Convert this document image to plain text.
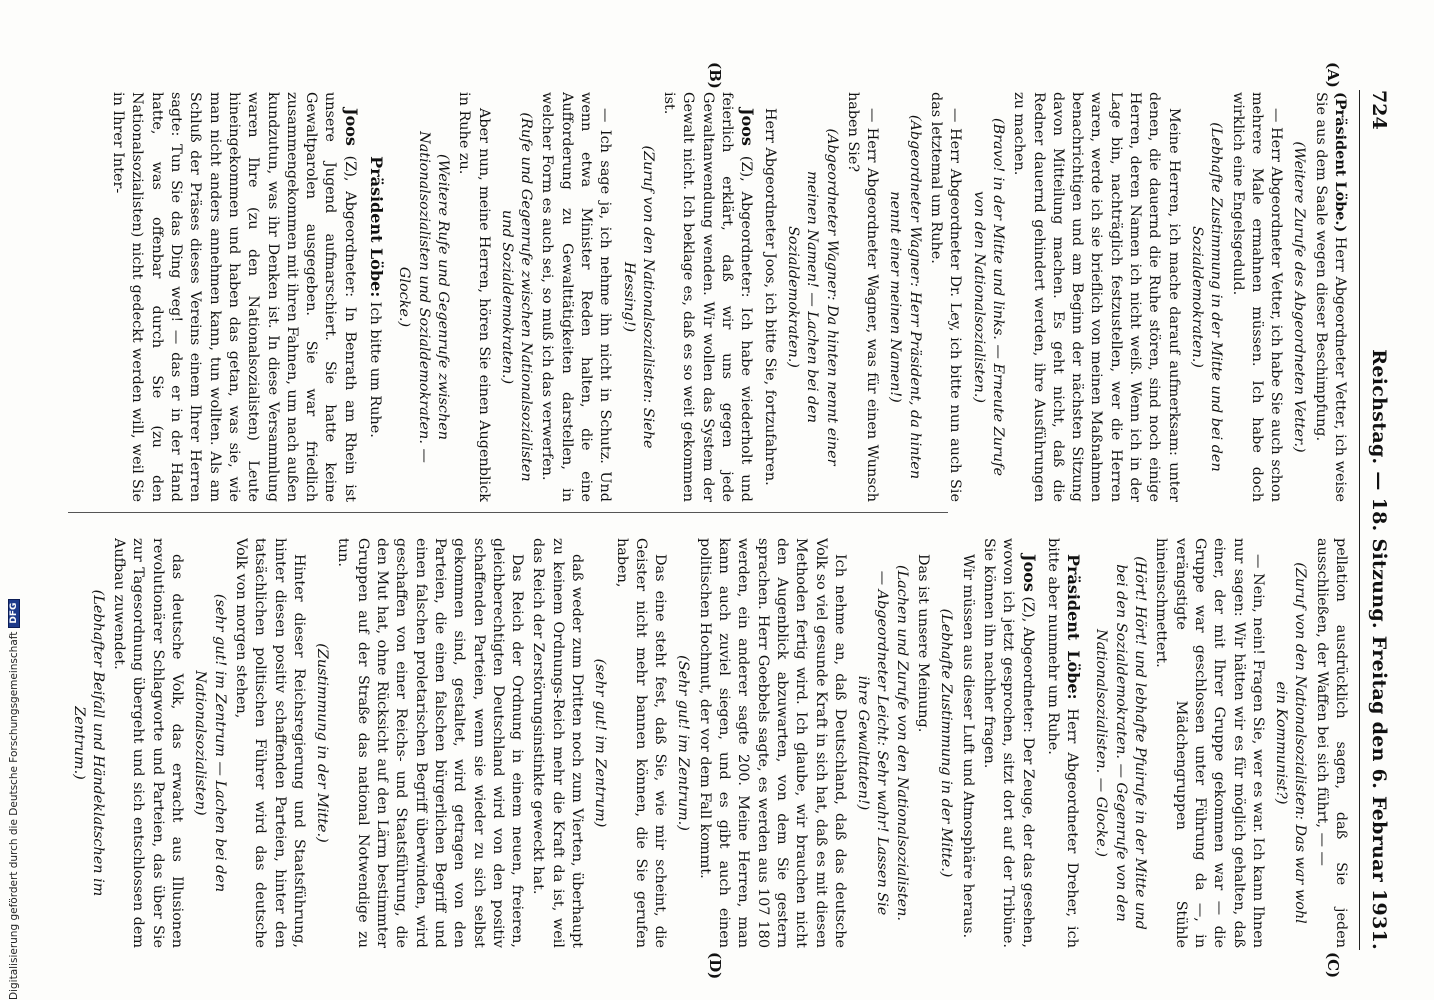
724
Reichstag. — 18. Sitzung. Freitag den 6. Februar 1931.
(A)
(B)
(C)
(D)

(Präsident Löbe.) Herr Abgeordneter Vetter, ich weise Sie aus dem Saale wegen dieser Beschimpfung.

(Weitere Zurufe des Abgeordneten Vetter.)

— Herr Abgeordneter Vetter, ich habe Sie auch schon mehrere Male ermahnen müssen. Ich habe doch wirklich eine Engelsgeduld.

(Lebhafte Zustimmung in der Mitte und bei den Sozialdemokraten.)

Meine Herren, ich mache darauf aufmerksam: unter denen, die dauernd die Ruhe stören, sind noch einige Herren, deren Namen ich nicht weiß. Wenn ich in der Lage bin, nachträglich festzustellen, wer die Herren waren, werde ich sie brieflich von meinen Maßnahmen benachrichtigen und am Beginn der nächsten Sitzung davon Mitteilung machen. Es geht nicht, daß die Redner dauernd gehindert werden, ihre Ausführungen zu machen.

(Bravo! in der Mitte und links. — Erneute Zurufe von den Nationalsozialisten.)

— Herr Abgeordneter Dr. Ley, ich bitte nun auch Sie das letztemal um Ruhe.

(Abgeordneter Wagner: Herr Präsident, da hinten nennt einer meinen Namen!)

— Herr Abgeordneter Wagner, was für einen Wunsch haben Sie?

(Abgeordneter Wagner: Da hinten nennt einer meinen Namen! — Lachen bei den Sozialdemokraten.)

Herr Abgeordneter Joos, ich bitte Sie, fortzufahren.

Joos (Z), Abgeordneter: Ich habe wiederholt und feierlich erklärt, daß wir uns gegen jede Gewaltanwendung wenden. Wir wollen das System der Gewalt nicht. Ich beklage es, daß es so weit gekommen ist.

(Zuruf von den Nationalsozialisten: Siehe Hessing!)

— Ich sage ja, ich nehme ihn nicht in Schutz. Und wenn etwa Minister Reden halten, die eine Aufforderung zu Gewalttätigkeiten darstellen, in welcher Form es auch sei, so muß ich das verwerfen.

(Rufe und Gegenrufe zwischen Nationalsozialisten und Sozialdemokraten.)

Aber nun, meine Herren, hören Sie einen Augenblick in Ruhe zu.

(Weitere Rufe und Gegenrufe zwischen Nationalsozialisten und Sozialdemokraten. — Glocke.)

Präsident Löbe: Ich bitte um Ruhe.

Joos (Z), Abgeordneter: In Benrath am Rhein ist unsere Jugend aufmarschiert. Sie hatte keine Gewaltparolen ausgegeben. Sie war friedlich zusammengekommen mit ihren Fahnen, um nach außen kundzutun, was ihr Denken ist. In diese Versammlung waren Ihre (zu den Nationalsozialisten) Leute hineingekommen und haben das getan, was sie, wie man nicht anders annehmen kann, tun wollten. Als am Schluß der Präses dieses Vereins einem Ihrer Herren sagte: Tun Sie das Ding weg! — das er in der Hand hatte, was offenbar durch Sie (zu den Nationalsozialisten) nicht gedeckt werden will, weil Sie in Ihrer Inter-

pellation ausdrücklich sagen, daß Sie jeden ausschließen, der Waffen bei sich führt, — —

(Zuruf von den Nationalsozialisten: Das war wohl ein Kommunist?)

— Nein, nein! Fragen Sie, wer es war. Ich kann Ihnen nur sagen: Wir hätten wir es für möglich gehalten, daß einer, der mit Ihrer Gruppe gekommen war — die Gruppe war geschlossen unter Führung da —, in verängstigte Mädchengruppen Stühle hineinschmettert.

(Hört! Hört! und lebhafte Pfuirufe in der Mitte und bei den Sozialdemokraten. — Gegenrufe von den Nationalsozialisten. — Glocke.)

Präsident Löbe: Herr Abgeordneter Dreher, ich bitte aber nunmehr um Ruhe.

Joos (Z), Abgeordneter: Der Zeuge, der das gesehen, wovon ich jetzt gesprochen, sitzt dort auf der Tribüne. Sie können ihn nachher fragen.

Wir müssen aus dieser Luft und Atmosphäre heraus.

(Lebhafte Zustimmung in der Mitte.)

Das ist unsere Meinung.

(Lachen und Zurufe von den Nationalsozialisten. — Abgeordneter Leicht: Sehr wahr! Lassen Sie ihre Gewalttaten!)

Ich nehme an, daß Deutschland, daß das deutsche Volk so viel gesunde Kraft in sich hat, daß es mit diesen Methoden fertig wird. Ich glaube, wir brauchen nicht den Augenblick abzuwarten, von dem Sie gestern sprachen. Herr Goebbels sagte, es werden aus 107 180 werden, ein anderer sagte 200. Meine Herren, man kann auch zuviel siegen, und es gibt auch einen politischen Hochmut, der vor dem Fall kommt.

(Sehr gut! im Zentrum.)

Das eine steht fest, daß Sie, wie mir scheint, die Geister nicht mehr bannen können, die Sie gerufen haben,

(sehr gut! im Zentrum)

daß weder zum Dritten noch zum Vierten, überhaupt zu keinem Ordnungs-Reich mehr die Kraft da ist, weil das Reich der Zerstörungsinstinkte geweckt hat.

Das Reich der Ordnung in einem neuen, freieren, gleichberechtigten Deutschland wird von den positiv schaffenden Parteien, wenn sie wieder zu sich selbst gekommen sind, gestaltet, wird getragen von den Parteien, die einen falschen bürgerlichen Begriff und einen falschen proletarischen Begriff überwinden, wird geschaffen von einer Reichs- und Staatsführung, die den Mut hat, ohne Rücksicht auf den Lärm bestimmter Gruppen auf der Straße das national Notwendige zu tun.

(Zustimmung in der Mitte.)

Hinter dieser Reichsregierung und Staatsführung, hinter diesen positiv schaffenden Parteien, hinter den tatsächlichen politischen Führer wird das deutsche Volk von morgen stehen,

(sehr gut! im Zentrum — Lachen bei den Nationalsozialisten)

das deutsche Volk, das erwacht aus Illusionen revolutionärer Schlagworte und Parteien, das über Sie zur Tagesordnung übergeht und sich entschlossen dem Aufbau zuwendet.

(Lebhafter Beifall und Händeklatschen im Zentrum.)

Digitalisierung gefördert durch die Deutsche ForschungsgemeinschaftDFG
